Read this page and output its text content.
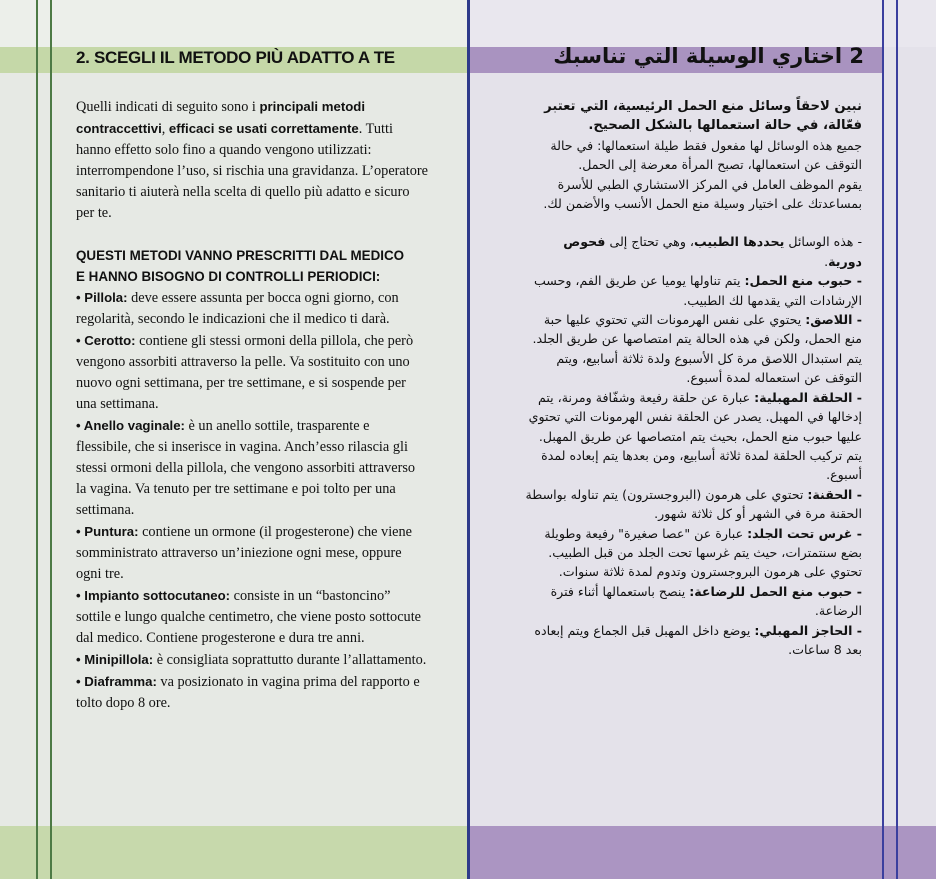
2. SCEGLI IL METODO PIÙ ADATTO A TE	2 اختاري الوسيلة التي تناسبك

Quelli indicati di seguito sono i principali metodi contraccettivi, efficaci se usati correttamente. Tutti hanno effetto solo fino a quando vengono utilizzati: interrompendone l’uso, si rischia una gravidanza. L’operatore sanitario ti aiuterà nella scelta di quello più adatto e sicuro per te.

QUESTI METODI VANNO PRESCRITTI DAL MEDICO
E HANNO BISOGNO DI CONTROLLI PERIODICI:

• Pillola: deve essere assunta per bocca ogni giorno, con regolarità, secondo le indicazioni che il medico ti darà.

• Cerotto: contiene gli stessi ormoni della pillola, che però vengono assorbiti attraverso la pelle. Va sostituito con uno nuovo ogni settimana, per tre settimane, e si sospende per una settimana.

• Anello vaginale: è un anello sottile, trasparente e flessibile, che si inserisce in vagina. Anch’esso rilascia gli stessi ormoni della pillola, che vengono assorbiti attraverso la vagina. Va tenuto per tre settimane e poi tolto per una settimana.

• Puntura: contiene un ormone (il progesterone) che viene somministrato attraverso un’iniezione ogni mese, oppure ogni tre.

• Impianto sottocutaneo: consiste in un “bastoncino” sottile e lungo qualche centimetro, che viene posto sottocute dal medico. Contiene progesterone e dura tre anni.

• Minipillola: è consigliata soprattutto durante l’allattamento.

• Diaframma: va posizionato in vagina prima del rapporto e tolto dopo 8 ore.

نبين لاحقاً وسائل منع الحمل الرئيسية، التي تعتبر فعّالة، في حالة استعمالها بالشكل الصحيح.

جميع هذه الوسائل لها مفعول فقط طيلة استعمالها: في حالة التوقف عن استعمالها، تصبح المرأة معرضة إلى الحمل.

يقوم الموظف العامل في المركز الاستشاري الطبي للأسرة بمساعدتك على اختيار وسيلة منع الحمل الأنسب والأضمن لك.

- هذه الوسائل يحددها الطبيب، وهي تحتاج إلى فحوص دورية.

- حبوب منع الحمل: يتم تناولها يوميا عن طريق الفم، وحسب الإرشادات التي يقدمها لك الطبيب.

- اللاصق: يحتوي على نفس الهرمونات التي تحتوي عليها حبة منع الحمل، ولكن في هذه الحالة يتم امتصاصها عن طريق الجلد. يتم استبدال اللاصق مرة كل الأسبوع ولدة ثلاثة أسابيع، ويتم التوقف عن استعماله لمدة أسبوع.

- الحلقة المهبلية: عبارة عن حلقة رفيعة وشفّافة ومرنة، يتم إدخالها في المهبل. يصدر عن الحلقة نفس الهرمونات التي تحتوي عليها حبوب منع الحمل، بحيث يتم امتصاصها عن طريق المهبل. يتم تركيب الحلقة لمدة ثلاثة أسابيع، ومن بعدها يتم إبعاده لمدة أسبوع.

- الحقنة: تحتوي على هرمون (البروجسترون) يتم تناوله بواسطة الحقنة مرة في الشهر أو كل ثلاثة شهور.

- غرس تحت الجلد: عبارة عن "عصا صغيرة" رفيعة وطويلة بضع سنتمترات، حيث يتم غرسها تحت الجلد من قبل الطبيب. تحتوي على هرمون البروجسترون وتدوم لمدة ثلاثة سنوات.

- حبوب منع الحمل للرضاعة: ينصح باستعمالها أثناء فترة الرضاعة.

- الحاجز المهبلي: يوضع داخل المهبل قبل الجماع ويتم إبعاده بعد 8 ساعات.
